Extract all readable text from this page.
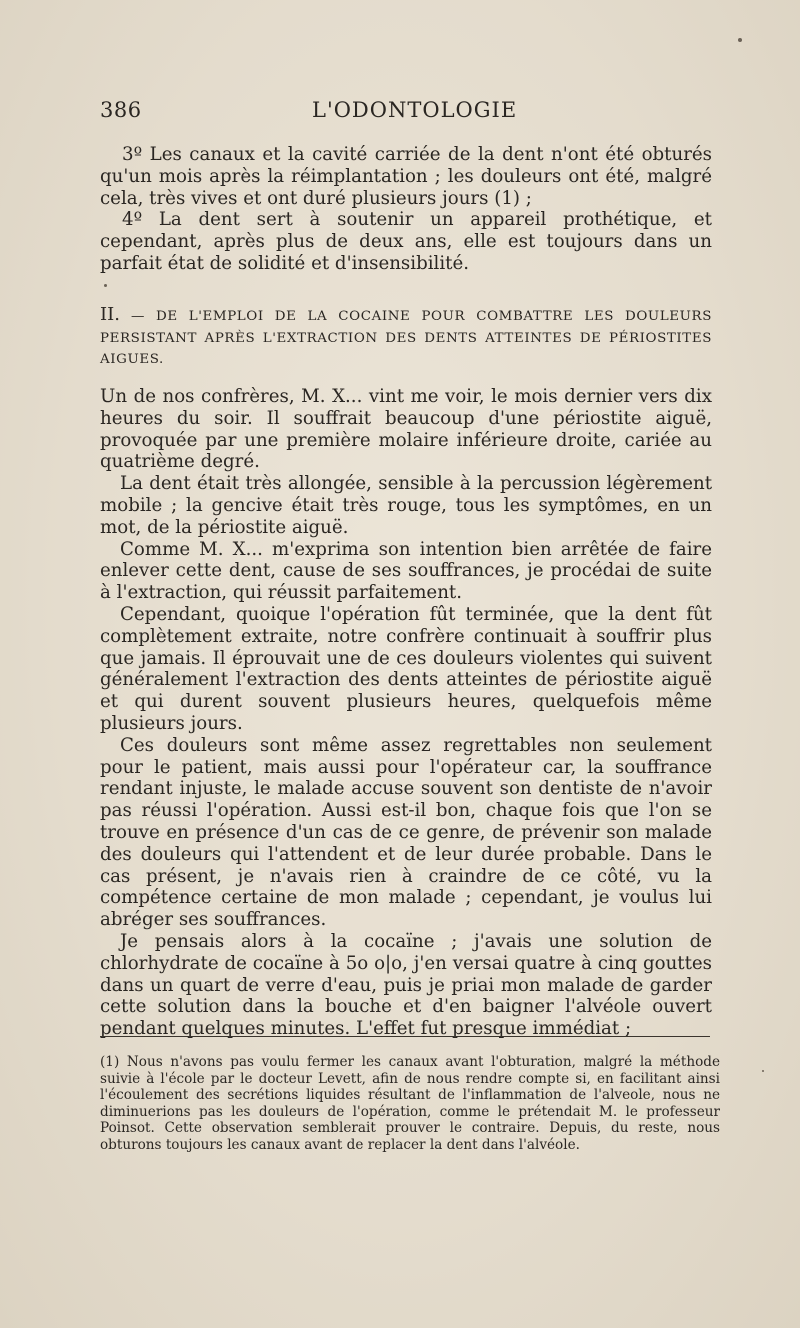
386	L'ODONTOLOGIE

3º Les canaux et la cavité carriée de la dent n'ont été obturés qu'un mois après la réimplantation ; les douleurs ont été, malgré cela, très vives et ont duré plusieurs jours (1) ;

4º La dent sert à soutenir un appareil prothétique, et cependant, après plus de deux ans, elle est toujours dans un parfait état de solidité et d'insensibilité.

II. — DE L'EMPLOI DE LA COCAINE POUR COMBATTRE LES DOULEURS PERSISTANT APRÈS L'EXTRACTION DES DENTS ATTEINTES DE PÉRIOSTITES AIGUES.

Un de nos confrères, M. X... vint me voir, le mois dernier vers dix heures du soir. Il souffrait beaucoup d'une périostite aiguë, provoquée par une première molaire inférieure droite, cariée au quatrième degré.

La dent était très allongée, sensible à la percussion légèrement mobile ; la gencive était très rouge, tous les symptômes, en un mot, de la périostite aiguë.

Comme M. X... m'exprima son intention bien arrêtée de faire enlever cette dent, cause de ses souffrances, je procédai de suite à l'extraction, qui réussit parfaitement.

Cependant, quoique l'opération fût terminée, que la dent fût complètement extraite, notre confrère continuait à souffrir plus que jamais. Il éprouvait une de ces douleurs violentes qui suivent généralement l'extraction des dents atteintes de périostite aiguë et qui durent souvent plusieurs heures, quelquefois même plusieurs jours.

Ces douleurs sont même assez regrettables non seulement pour le patient, mais aussi pour l'opérateur car, la souffrance rendant injuste, le malade accuse souvent son dentiste de n'avoir pas réussi l'opération. Aussi est-il bon, chaque fois que l'on se trouve en présence d'un cas de ce genre, de prévenir son malade des douleurs qui l'attendent et de leur durée probable. Dans le cas présent, je n'avais rien à craindre de ce côté, vu la compétence certaine de mon malade ; cependant, je voulus lui abréger ses souffrances.

Je pensais alors à la cocaïne ; j'avais une solution de chlorhydrate de cocaïne à 5o o|o, j'en versai quatre à cinq gouttes dans un quart de verre d'eau, puis je priai mon malade de garder cette solution dans la bouche et d'en baigner l'alvéole ouvert pendant quelques minutes. L'effet fut presque immédiat ;

(1) Nous n'avons pas voulu fermer les canaux avant l'obturation, malgré la méthode suivie à l'école par le docteur Levett, afin de nous rendre compte si, en facilitant ainsi l'écoulement des secrétions liquides résultant de l'inflammation de l'alveole, nous ne diminuerions pas les douleurs de l'opération, comme le prétendait M. le professeur Poinsot. Cette observation semblerait prouver le contraire. Depuis, du reste, nous obturons toujours les canaux avant de replacer la dent dans l'alvéole.
